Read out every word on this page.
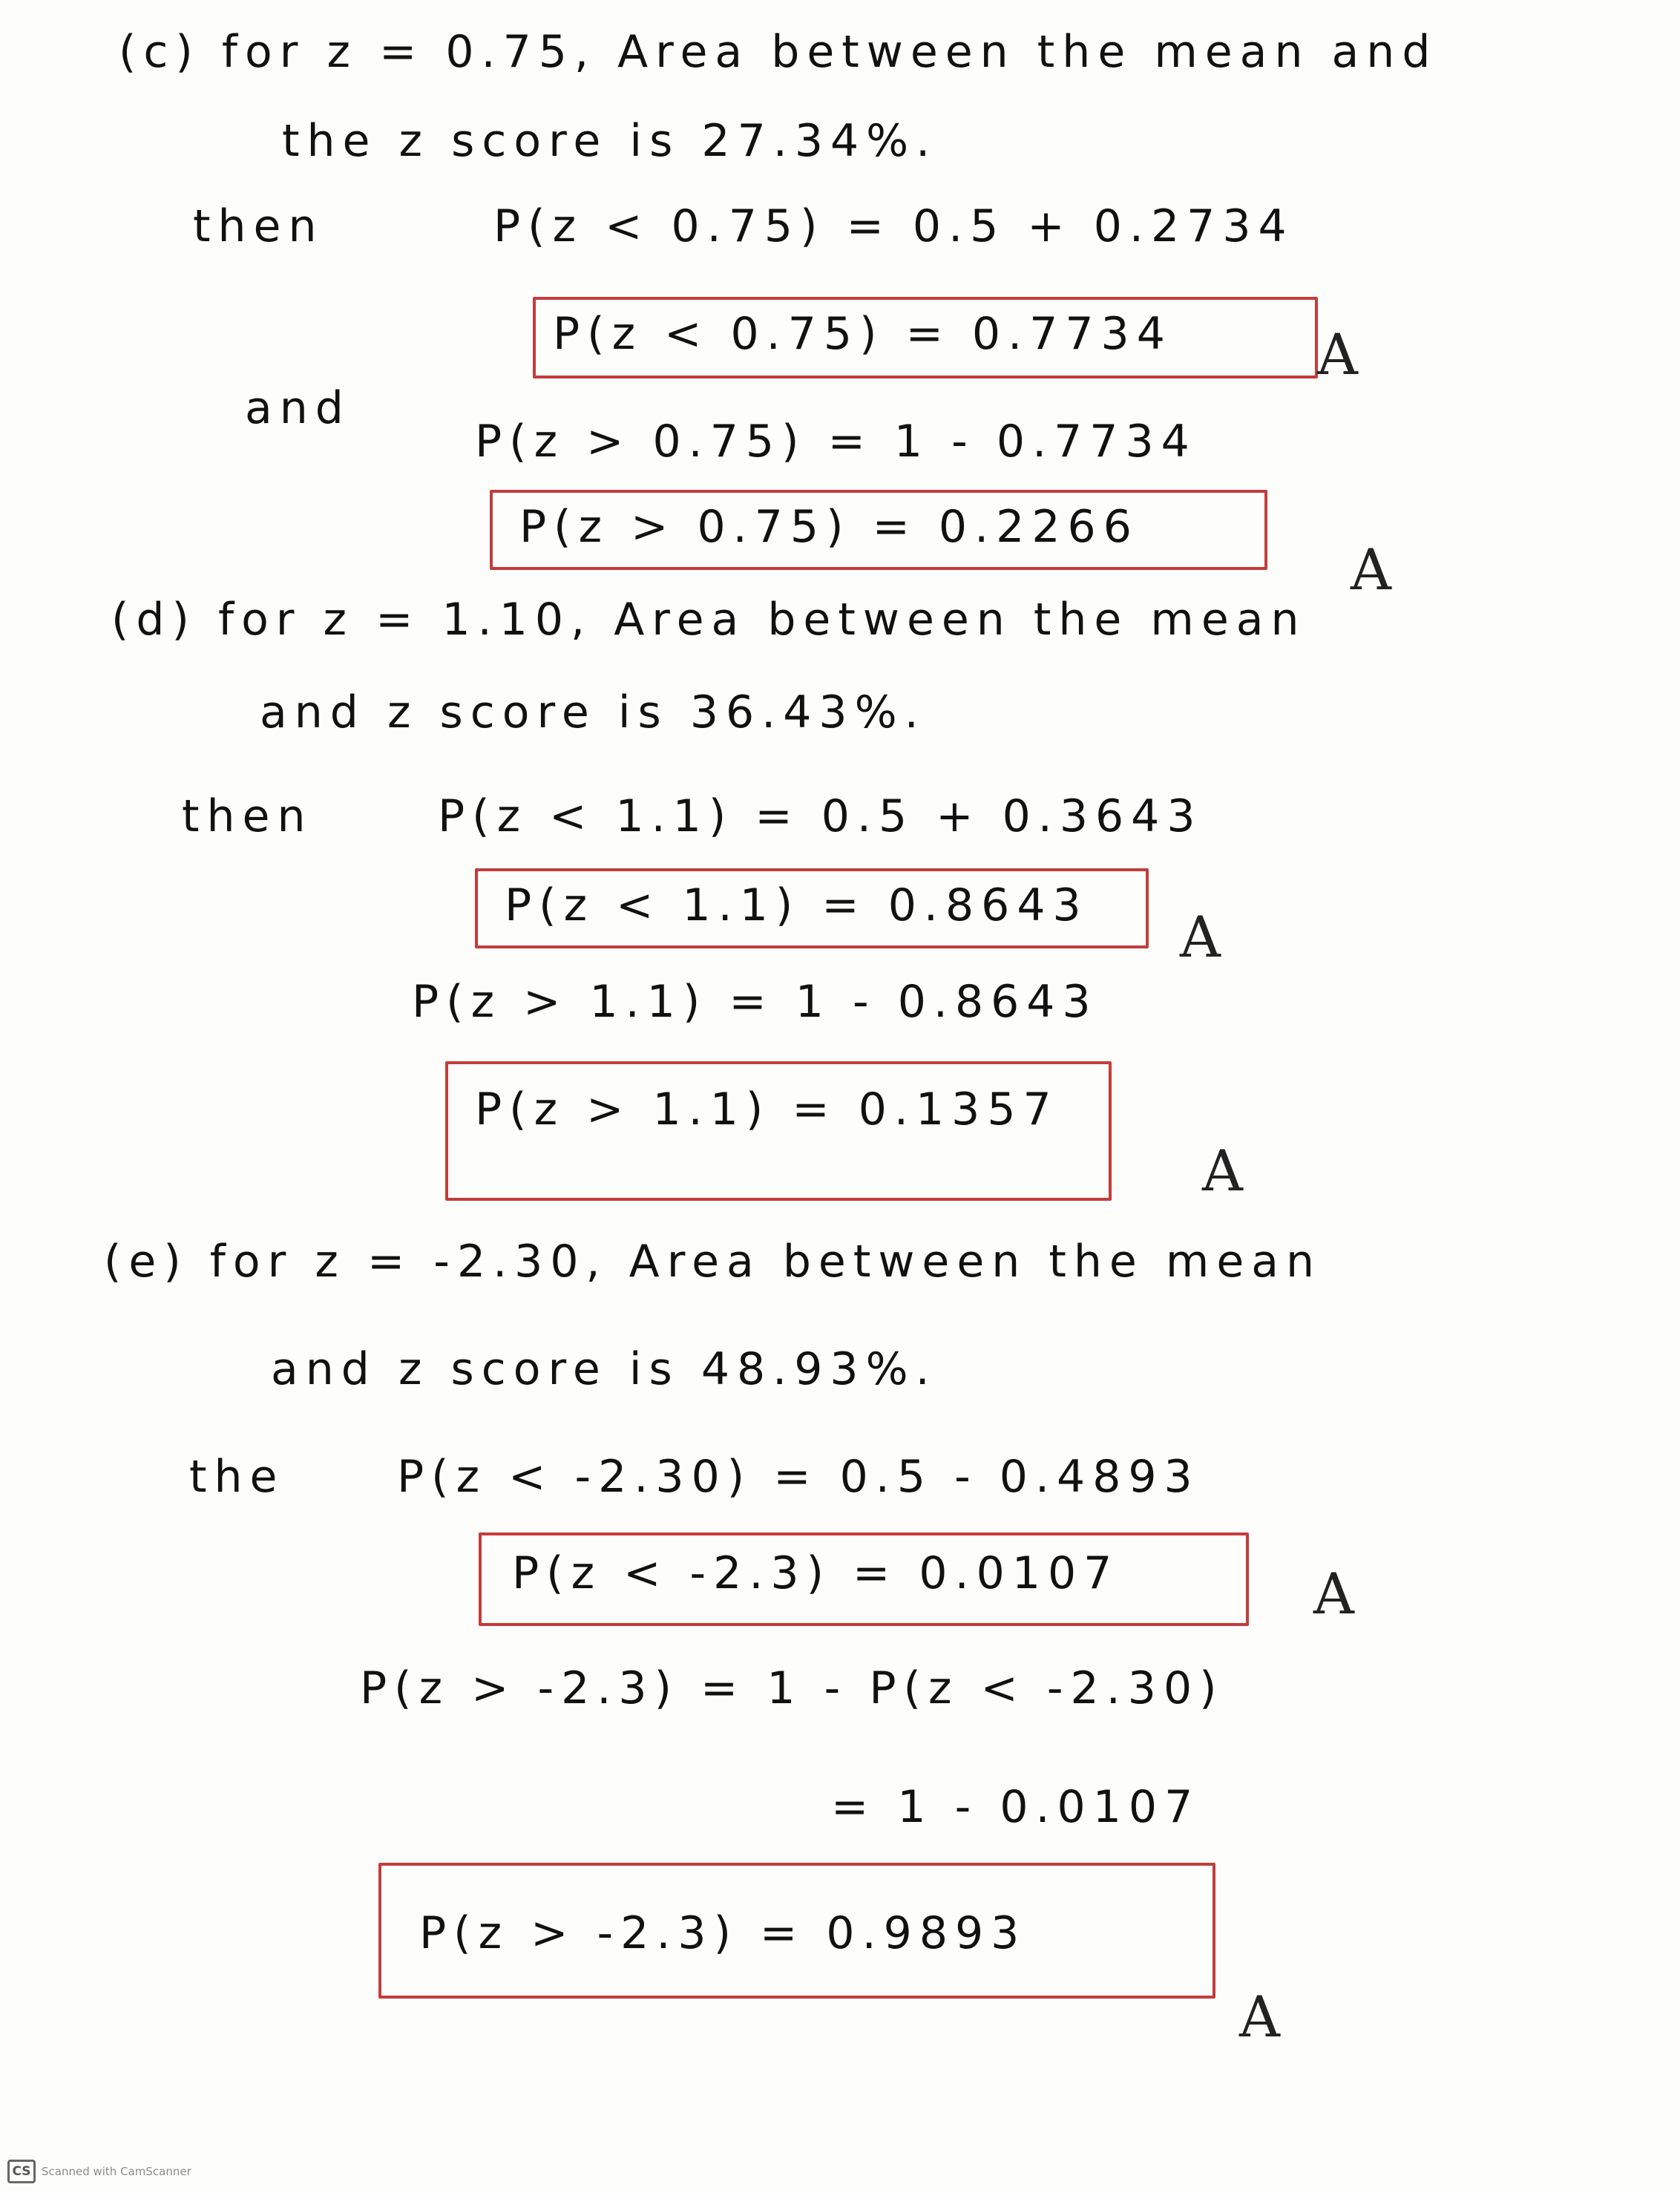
(c) for z = 0.75, Area between the mean and
the z score is 27.34%.
then	P(z < 0.75) = 0.5 + 0.2734
P(z < 0.75) = 0.7734	A
and
P(z > 0.75) = 1 - 0.7734
P(z > 0.75) = 0.2266
A
(d) for z = 1.10, Area between the mean
and z score is 36.43%.
then	P(z < 1.1) = 0.5 + 0.3643
P(z < 1.1) = 0.8643 A
P(z > 1.1) = 1 - 0.8643
P(z > 1.1) = 0.1357
A
(e) for z = -2.30, Area between the mean
and z score is 48.93%.
the	P(z < -2.30) = 0.5 - 0.4893
P(z < -2.3) = 0.0107	A
P(z > -2.3) = 1 - P(z < -2.30)
= 1 - 0.0107
P(z > -2.3) = 0.9893
A
CS Scanned with CamScanner
